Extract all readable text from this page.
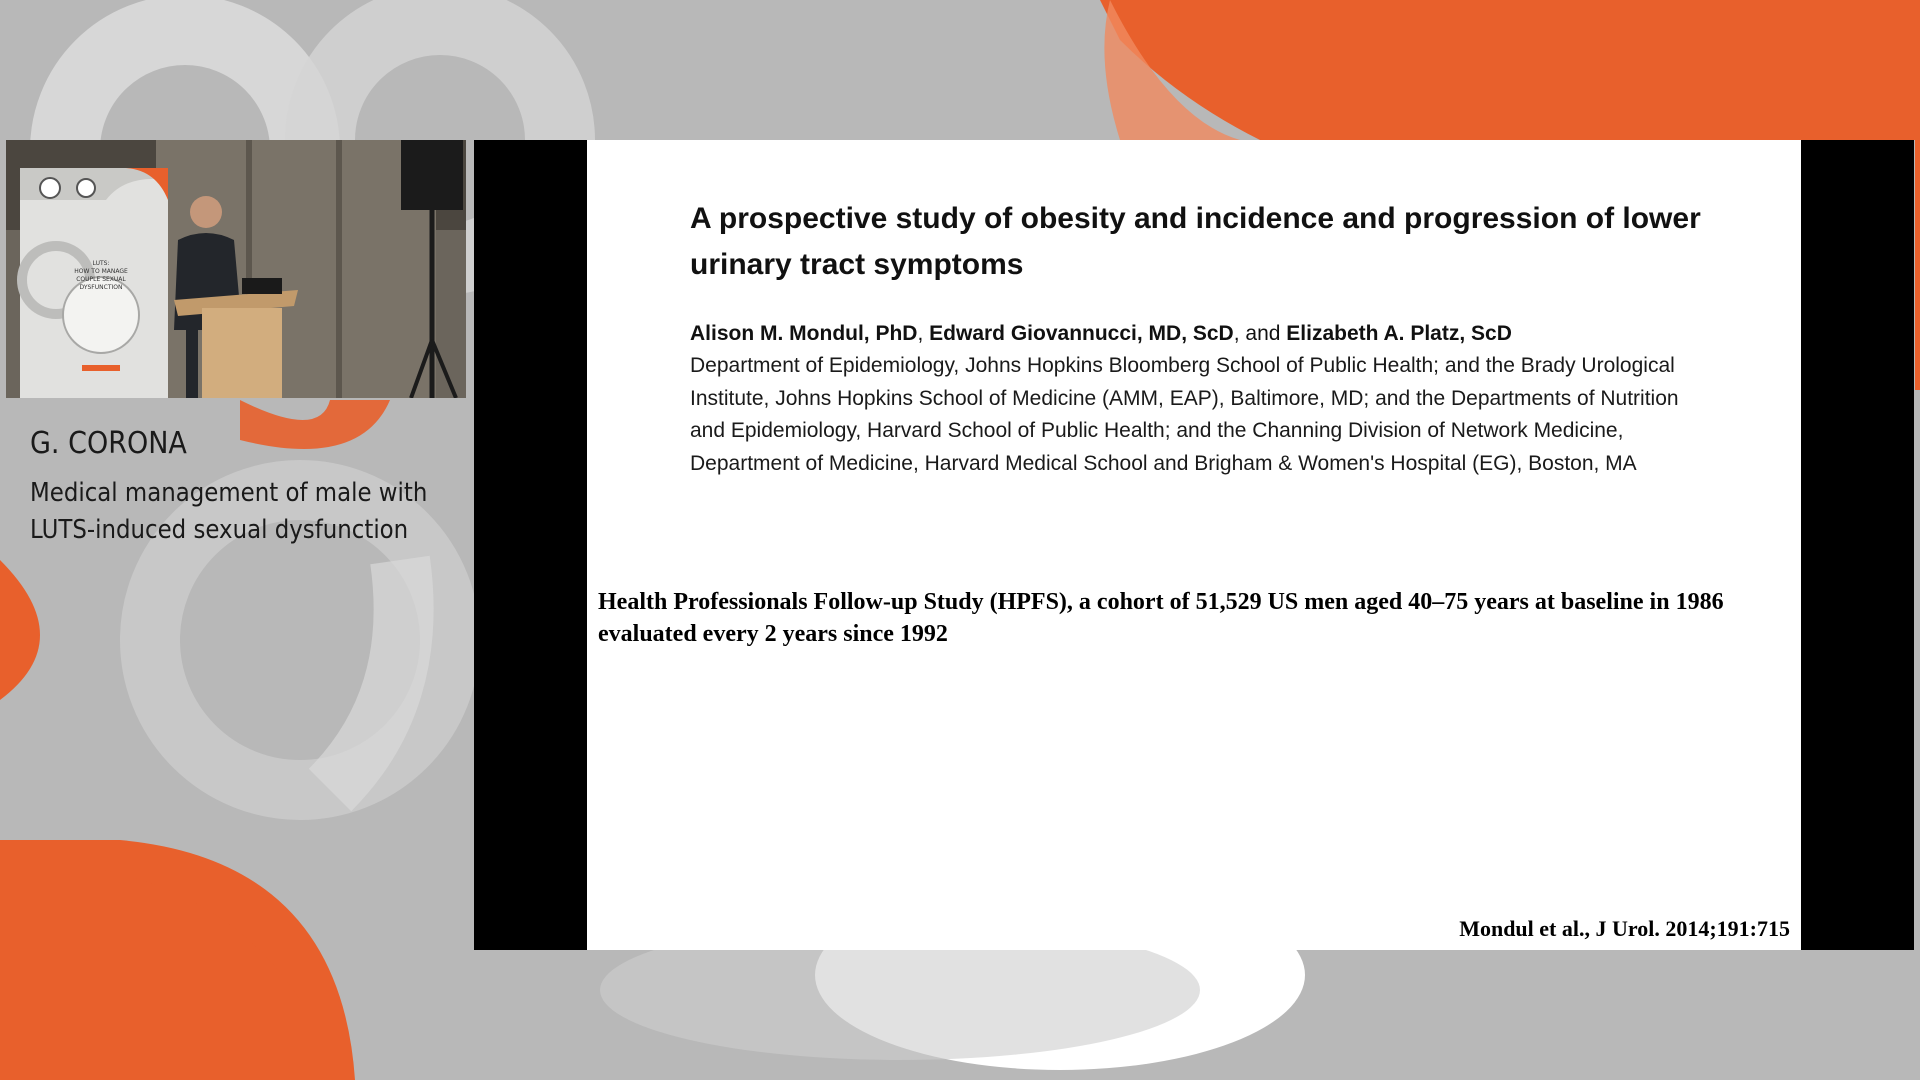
LUTS:
HOW TO MANAGE
COUPLE SEXUAL
DYSFUNCTION

G. CORONA

Medical management of male with LUTS-induced sexual dysfunction

A prospective study of obesity and incidence and progression of lower urinary tract symptoms

Alison M. Mondul, PhD, Edward Giovannucci, MD, ScD, and Elizabeth A. Platz, ScD

Department of Epidemiology, Johns Hopkins Bloomberg School of Public Health; and the Brady Urological Institute, Johns Hopkins School of Medicine (AMM, EAP), Baltimore, MD; and the Departments of Nutrition and Epidemiology, Harvard School of Public Health; and the Channing Division of Network Medicine, Department of Medicine, Harvard Medical School and Brigham & Women's Hospital (EG), Boston, MA

Health Professionals Follow-up Study (HPFS), a cohort of 51,529 US men aged 40–75 years at baseline in 1986 evaluated every 2 years since 1992

Mondul et al., J Urol. 2014;191:715
